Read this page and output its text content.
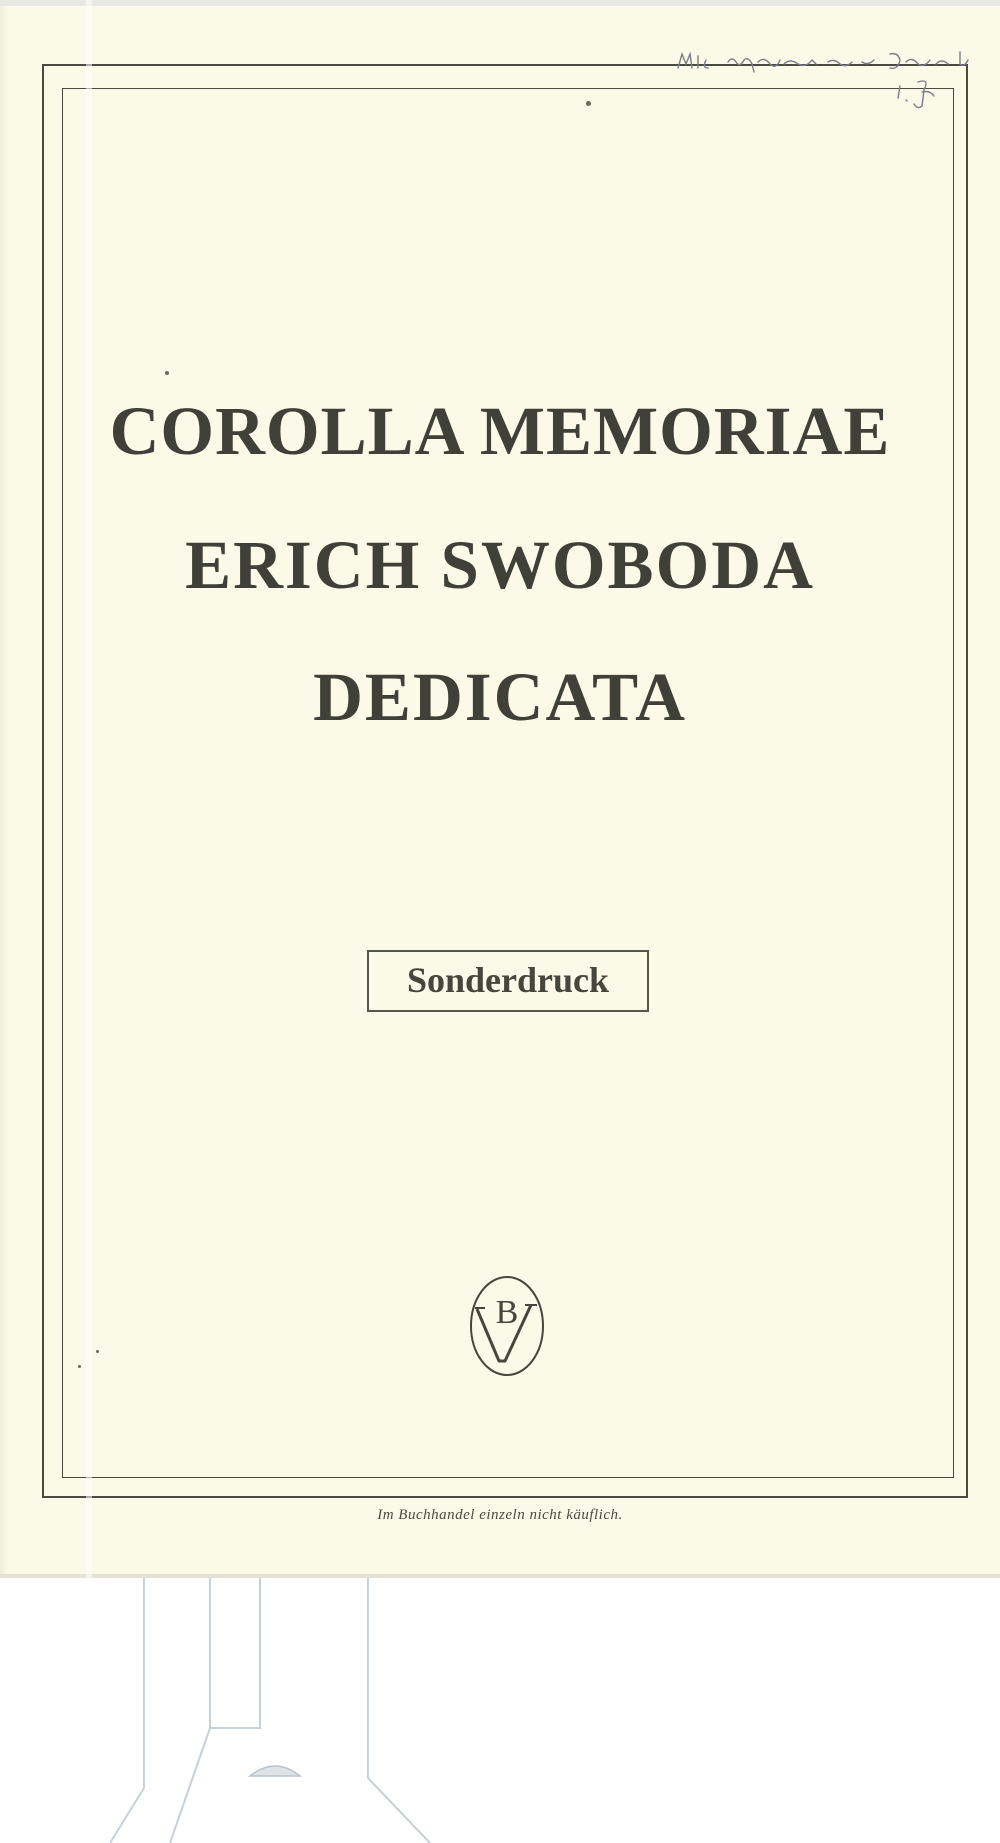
COROLLA MEMORIAE
ERICH SWOBODA
DEDICATA
Sonderdruck
B
Im Buchhandel einzeln nicht käuflich.
